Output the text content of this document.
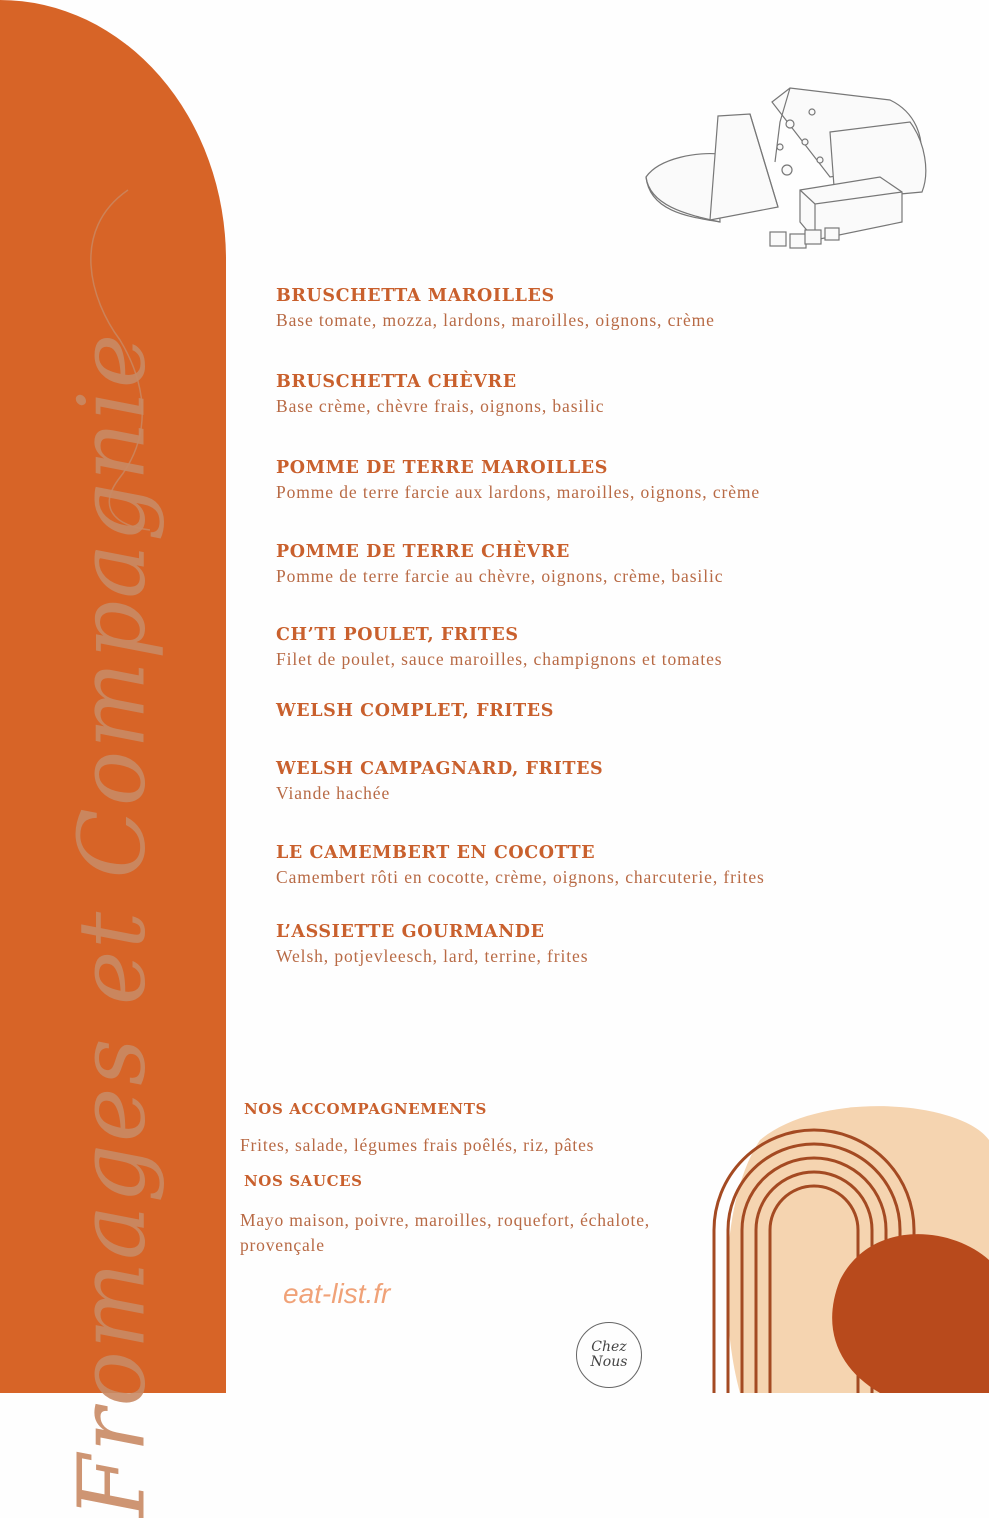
Fromages et Compagnie
BRUSCHETTA MAROILLES
Base tomate, mozza, lardons, maroilles, oignons, crème
BRUSCHETTA CHÈVRE
Base crème, chèvre frais, oignons, basilic
POMME DE TERRE MAROILLES
Pomme de terre farcie aux lardons, maroilles, oignons, crème
POMME DE TERRE CHÈVRE
Pomme de terre farcie au chèvre, oignons, crème, basilic
CH’TI POULET, FRITES
Filet de poulet, sauce maroilles, champignons et tomates
WELSH COMPLET, FRITES
WELSH CAMPAGNARD, FRITES
Viande hachée
LE CAMEMBERT EN COCOTTE
Camembert rôti en cocotte, crème, oignons, charcuterie, frites
L’ASSIETTE GOURMANDE
Welsh, potjevleesch, lard, terrine, frites
NOS ACCOMPAGNEMENTS
Frites, salade, légumes frais poêlés, riz, pâtes
NOS SAUCES
Mayo maison, poivre, maroilles, roquefort, échalote,
provençale
eat-list.fr
Chez
Nous
